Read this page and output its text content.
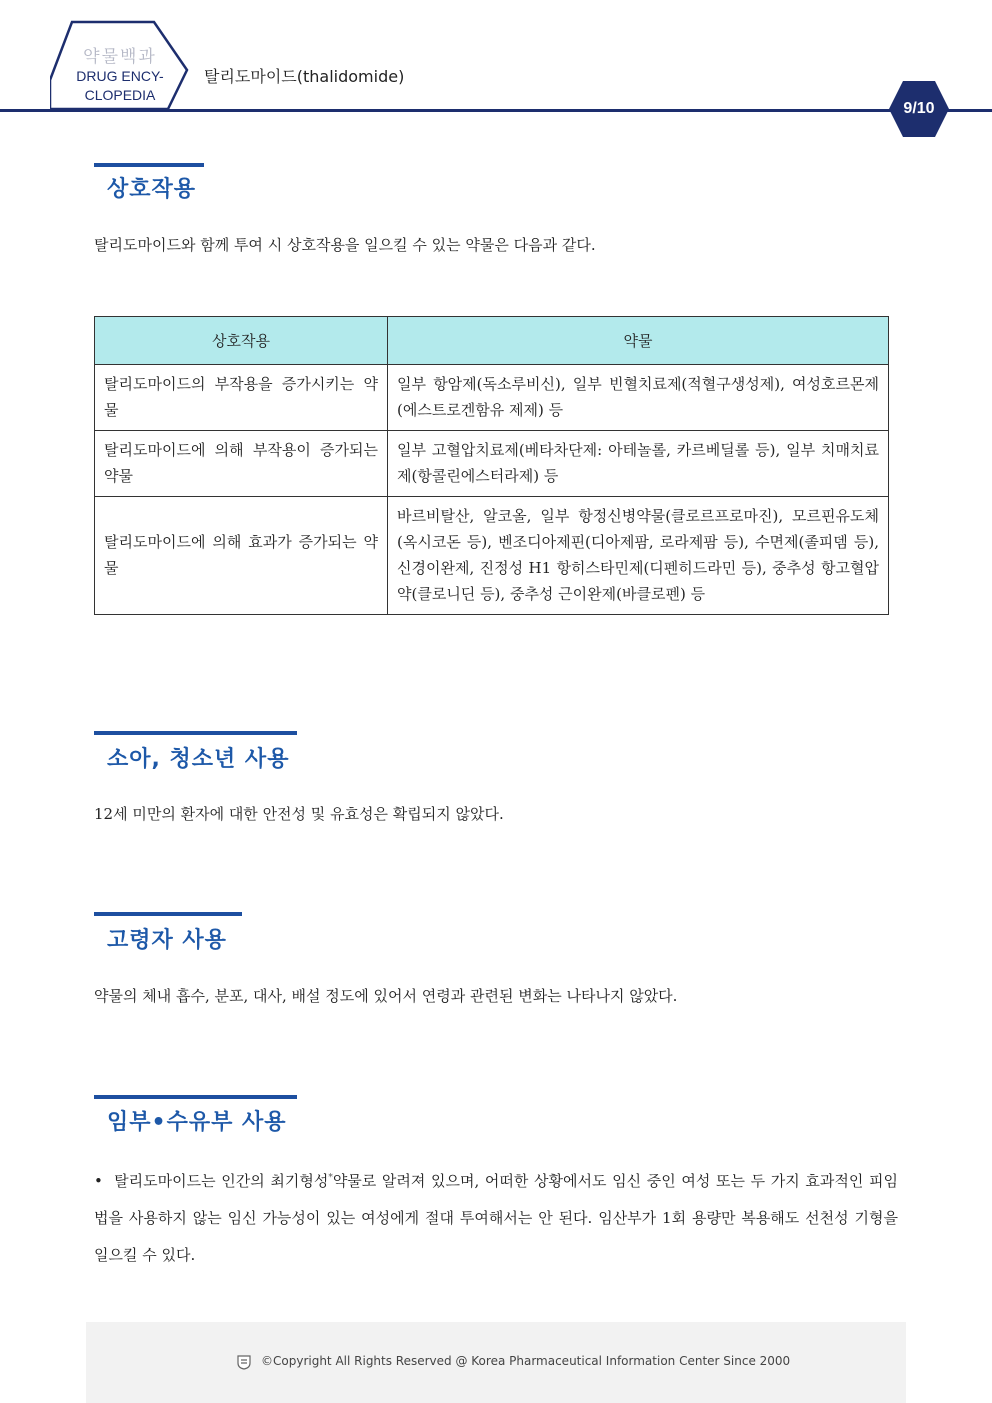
약물백과
DRUG ENCY-
CLOPEDIA
탈리도마이드(thalidomide)
9/10
상호작용
탈리도마이드와 함께 투여 시 상호작용을 일으킬 수 있는 약물은 다음과 같다.
상호작용	약물
탈리도마이드의 부작용을 증가시키는 약물	일부 항암제(독소루비신), 일부 빈혈치료제(적혈구생성제), 여성호르몬제(에스트로겐함유 제제) 등
탈리도마이드에 의해 부작용이 증가되는 약물	일부 고혈압치료제(베타차단제: 아테놀롤, 카르베딜롤 등), 일부 치매치료제(항콜린에스터라제) 등
탈리도마이드에 의해 효과가 증가되는 약물	바르비탈산, 알코올, 일부 항정신병약물(클로르프로마진), 모르핀유도체(옥시코돈 등), 벤조디아제핀(디아제팜, 로라제팜 등), 수면제(졸피뎀 등), 신경이완제, 진정성 H1 항히스타민제(디펜히드라민 등), 중추성 항고혈압약(클로니딘 등), 중추성 근이완제(바클로펜) 등
소아, 청소년 사용
12세 미만의 환자에 대한 안전성 및 유효성은 확립되지 않았다.
고령자 사용
약물의 체내 흡수, 분포, 대사, 배설 정도에 있어서 연령과 관련된 변화는 나타나지 않았다.
임부•수유부 사용
• 탈리도마이드는 인간의 최기형성*약물로 알려져 있으며, 어떠한 상황에서도 임신 중인 여성 또는 두 가지 효과적인 피임법을 사용하지 않는 임신 가능성이 있는 여성에게 절대 투여해서는 안 된다. 임산부가 1회 용량만 복용해도 선천성 기형을 일으킬 수 있다.
©Copyright All Rights Reserved @ Korea Pharmaceutical Information Center Since 2000
